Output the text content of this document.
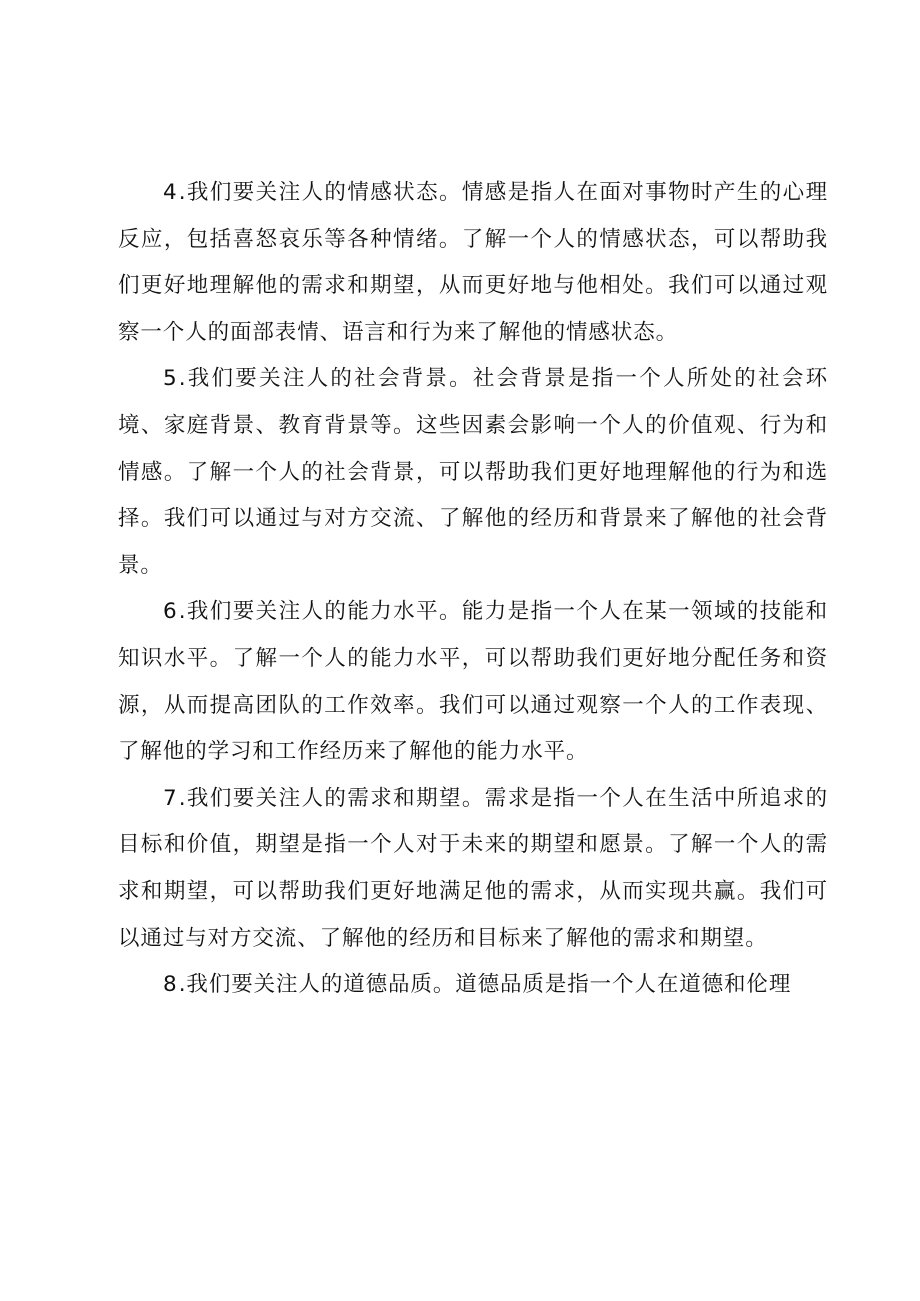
4.我们要关注人的情感状态。情感是指人在面对事物时产生的心理反应，包括喜怒哀乐等各种情绪。了解一个人的情感状态，可以帮助我们更好地理解他的需求和期望，从而更好地与他相处。我们可以通过观察一个人的面部表情、语言和行为来了解他的情感状态。

5.我们要关注人的社会背景。社会背景是指一个人所处的社会环境、家庭背景、教育背景等。这些因素会影响一个人的价值观、行为和情感。了解一个人的社会背景，可以帮助我们更好地理解他的行为和选择。我们可以通过与对方交流、了解他的经历和背景来了解他的社会背景。

6.我们要关注人的能力水平。能力是指一个人在某一领域的技能和知识水平。了解一个人的能力水平，可以帮助我们更好地分配任务和资源，从而提高团队的工作效率。我们可以通过观察一个人的工作表现、了解他的学习和工作经历来了解他的能力水平。

7.我们要关注人的需求和期望。需求是指一个人在生活中所追求的目标和价值，期望是指一个人对于未来的期望和愿景。了解一个人的需求和期望，可以帮助我们更好地满足他的需求，从而实现共赢。我们可以通过与对方交流、了解他的经历和目标来了解他的需求和期望。

8.我们要关注人的道德品质。道德品质是指一个人在道德和伦理
